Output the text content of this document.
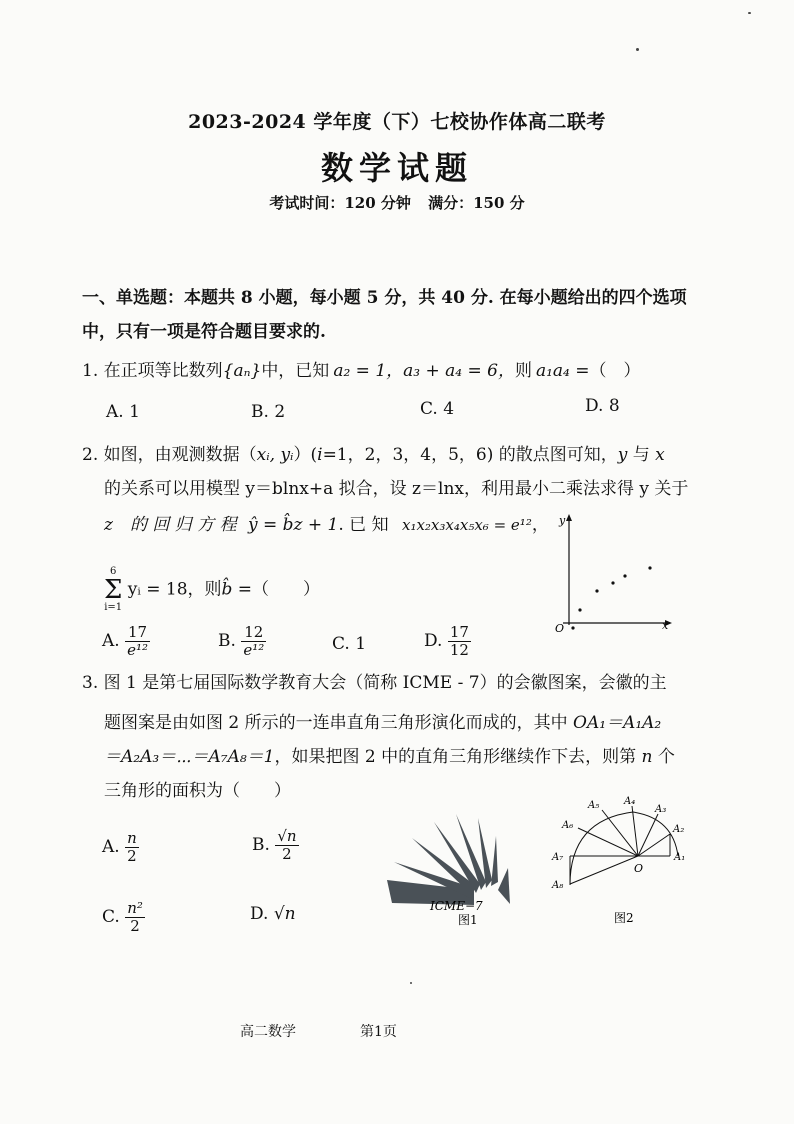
2023-2024 学年度（下）七校协作体高二联考
数学试题
考试时间：120 分钟 满分：150 分
一、单选题：本题共 8 小题，每小题 5 分，共 40 分. 在每小题给出的四个选项
中，只有一项是符合题目要求的.
1. 在正项等比数列{aₙ}中，已知 a₂ = 1，a₃ + a₄ = 6，则 a₁a₄ =（　）
A. 1	B. 2	C. 4	D. 8
2. 如图，由观测数据（xᵢ, yᵢ）(i=1，2，3，4，5，6) 的散点图可知，y 与 x
的关系可以用模型 y＝blnx+a 拟合，设 z＝lnx，利用最小二乘法求得 y 关于
z　的 回 归 方 程 ŷ = b̂z + 1. 已 知 x₁x₂x₃x₄x₅x₆ = e¹²，
6
Σ
i=1 yᵢ = 18，则b̂ =（　　）
y
x
O
A. $\frac{17}{\text{e¹²}}$	B. $\frac{12}{\text{e¹²}}$	C. 1	D. $\frac{17}{12}$
3. 图 1 是第七届国际数学教育大会（简称 ICME - 7）的会徽图案，会徽的主
题图案是由如图 2 所示的一连串直角三角形演化而成的，其中 OA₁＝A₁A₂
＝A₂A₃＝⋯＝A₇A₈＝1，如果把图 2 中的直角三角形继续作下去，则第 n 个
三角形的面积为（　　）
A. $\frac{n}{2}$	B. $\frac{√n}{2}$
C. $\frac{\text{n²}}{2}$	D. √n	ICME−7
图1
A₁
A₂
A₃
A₄
A₅
A₆
A₇
A₈
O
图2
高二数学	第1页
